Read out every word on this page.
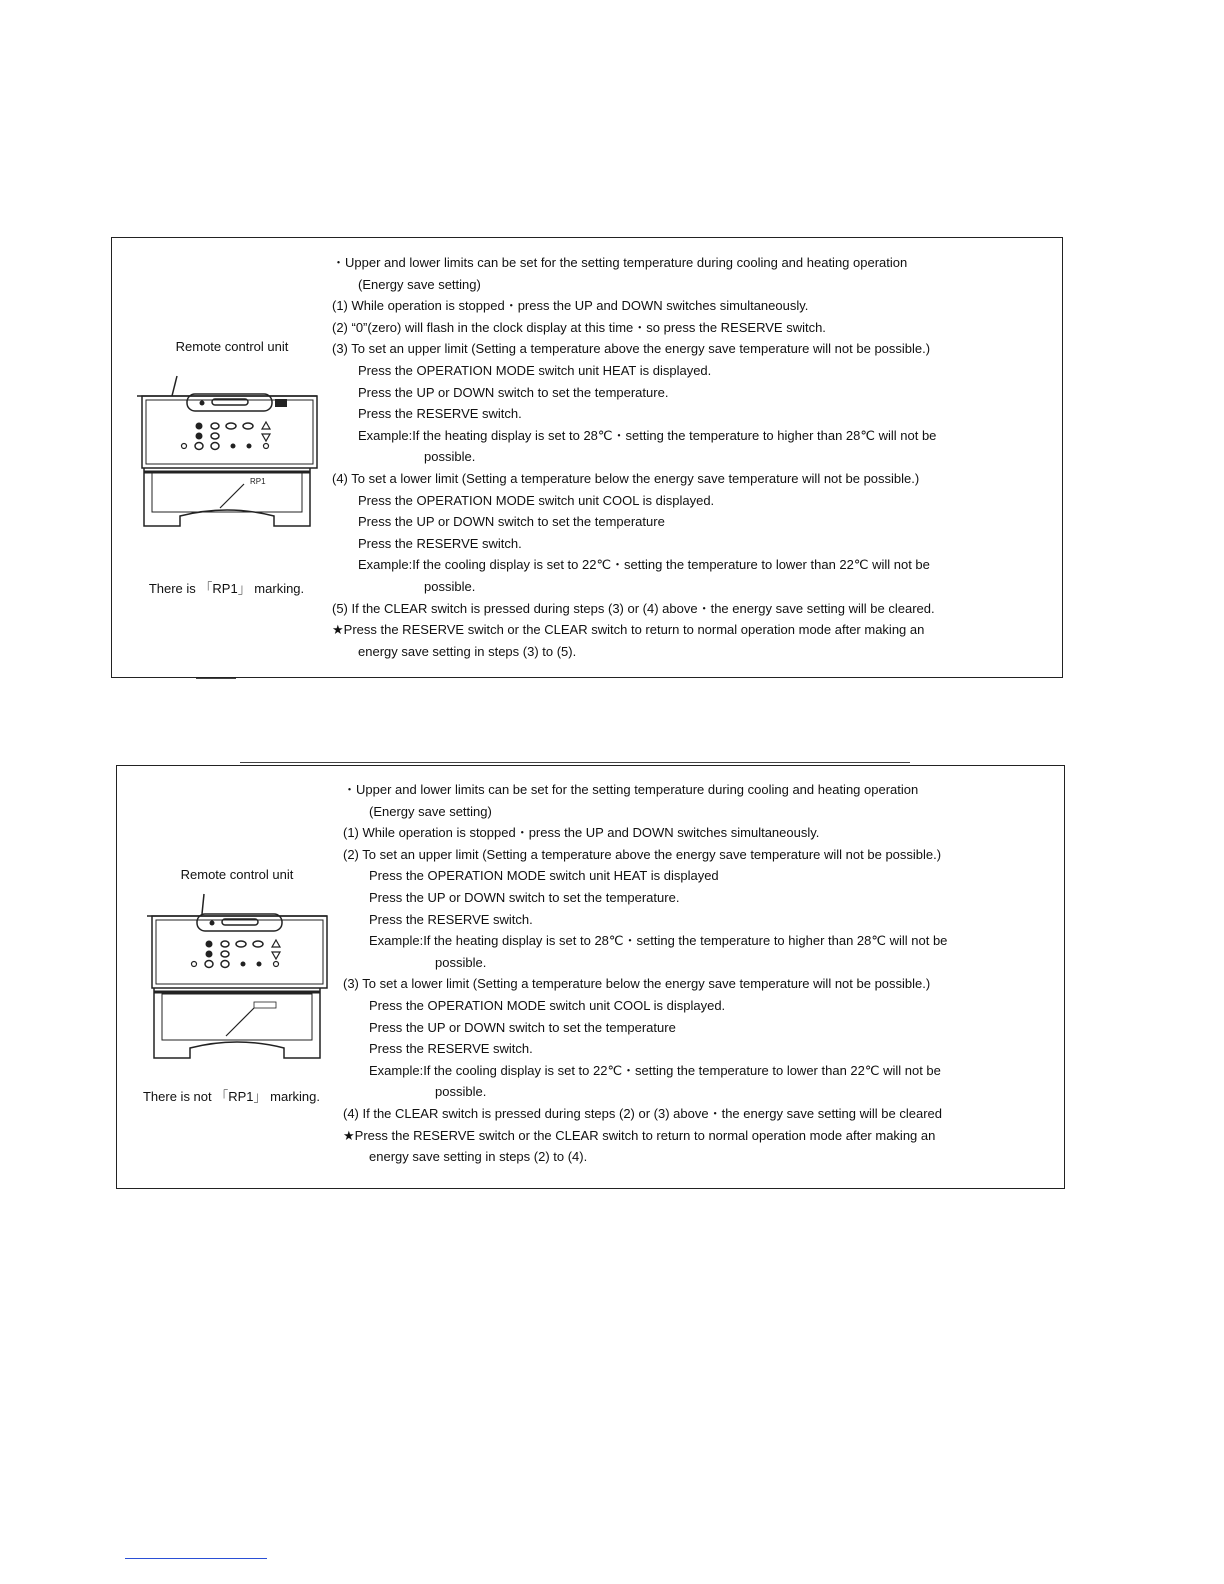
Remote control unit
RP1
There is 「RP1」 marking.
・Upper and lower limits can be set for the setting temperature during cooling and heating operation
(Energy save setting)
(1) While operation is stopped・press the UP and DOWN switches simultaneously.
(2) “0”(zero) will flash in the clock display at this time・so press the RESERVE switch.
(3) To set an upper limit (Setting a temperature above the energy save temperature will not be possible.)
Press the OPERATION MODE switch unit HEAT is displayed.
Press the UP or DOWN switch to set the temperature.
Press the RESERVE switch.
Example:If the heating display is set to 28℃・setting the temperature to higher than 28℃ will not be
possible.
(4) To set a lower limit (Setting a temperature below the energy save temperature will not be possible.)
Press the OPERATION MODE switch unit COOL is displayed.
Press the UP or DOWN switch to set the temperature
Press the RESERVE switch.
Example:If the cooling display is set to 22℃・setting the temperature to lower than 22℃ will not be
possible.
(5) If the CLEAR switch is pressed during steps (3) or (4) above・the energy save setting will be cleared.
★Press the RESERVE switch or the CLEAR switch to return to normal operation mode after making an
energy save setting in steps (3) to (5).
Remote control unit
There is not 「RP1」 marking.
・Upper and lower limits can be set for the setting temperature during cooling and heating operation
(Energy save setting)
(1) While operation is stopped・press the UP and DOWN switches simultaneously.
(2) To set an upper limit (Setting a temperature above the energy save temperature will not be possible.)
Press the OPERATION MODE switch unit HEAT is displayed
Press the UP or DOWN switch to set the temperature.
Press the RESERVE switch.
Example:If the heating display is set to 28℃・setting the temperature to higher than 28℃ will not be
possible.
(3) To set a lower limit (Setting a temperature below the energy save temperature will not be possible.)
Press the OPERATION MODE switch unit COOL is displayed.
Press the UP or DOWN switch to set the temperature
Press the RESERVE switch.
Example:If the cooling display is set to 22℃・setting the temperature to lower than 22℃ will not be
possible.
(4) If the CLEAR switch is pressed during steps (2) or (3) above・the energy save setting will be cleared
★Press the RESERVE switch or the CLEAR switch to return to normal operation mode after making an
energy save setting in steps (2) to (4).
